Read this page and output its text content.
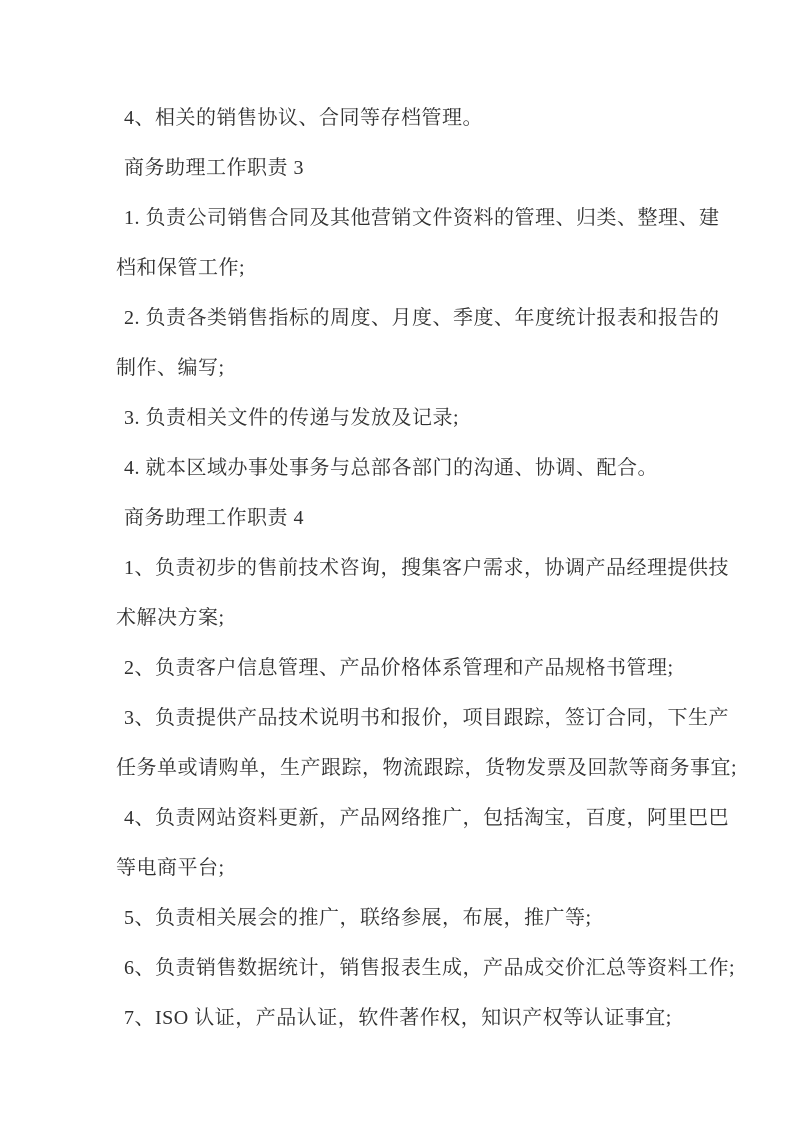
4、相关的销售协议、合同等存档管理。
商务助理工作职责 3
1. 负责公司销售合同及其他营销文件资料的管理、归类、整理、建
档和保管工作;
2. 负责各类销售指标的周度、月度、季度、年度统计报表和报告的
制作、编写;
3. 负责相关文件的传递与发放及记录;
4. 就本区域办事处事务与总部各部门的沟通、协调、配合。
商务助理工作职责 4
1、负责初步的售前技术咨询，搜集客户需求，协调产品经理提供技
术解决方案;
2、负责客户信息管理、产品价格体系管理和产品规格书管理;
3、负责提供产品技术说明书和报价，项目跟踪，签订合同，下生产
任务单或请购单，生产跟踪，物流跟踪，货物发票及回款等商务事宜;
4、负责网站资料更新，产品网络推广，包括淘宝，百度，阿里巴巴
等电商平台;
5、负责相关展会的推广，联络参展，布展，推广等;
6、负责销售数据统计，销售报表生成，产品成交价汇总等资料工作;
7、ISO 认证，产品认证，软件著作权，知识产权等认证事宜;
